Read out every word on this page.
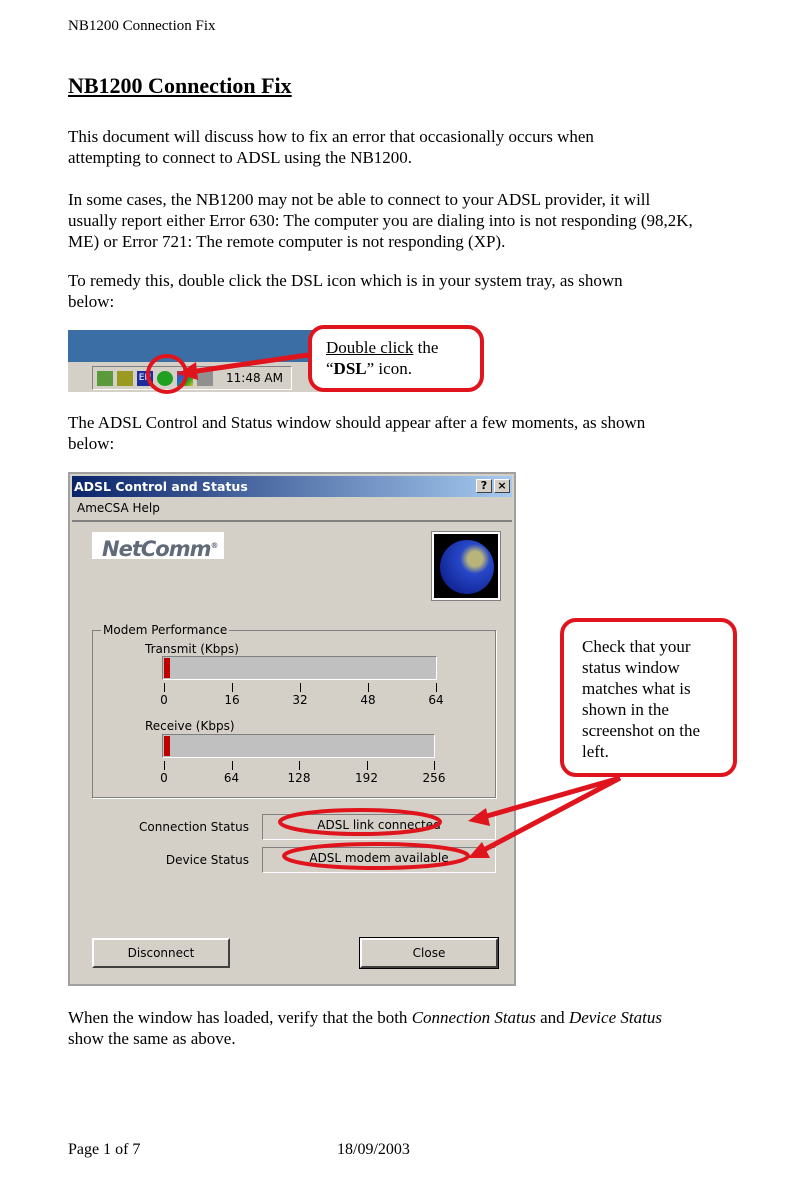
NB1200 Connection Fix
NB1200 Connection Fix
This document will discuss how to fix an error that occasionally occurs when attempting to connect to ADSL using the NB1200.
In some cases, the NB1200 may not be able to connect to your ADSL provider, it will usually report either Error 630: The computer you are dialing into is not responding (98,2K, ME) or Error 721: The remote computer is not responding (XP).
To remedy this, double click the DSL icon which is in your system tray, as shown below:
EN	11:48 AM
Double click the
“DSL” icon.
The ADSL Control and Status window should appear after a few moments, as shown below:
ADSL Control and Status	? ×
AmeCSA Help
NetComm®
Modem Performance
Transmit (Kbps)
0	16	32	48	64
Receive (Kbps)
0	64	128	192	256
Connection Status	ADSL link connected
Device Status	ADSL modem available
Disconnect	Close
Check that your status window matches what is shown in the screenshot on the left.
When the window has loaded, verify that the both Connection Status and Device Status show the same as above.
Page 1 of 7	18/09/2003
